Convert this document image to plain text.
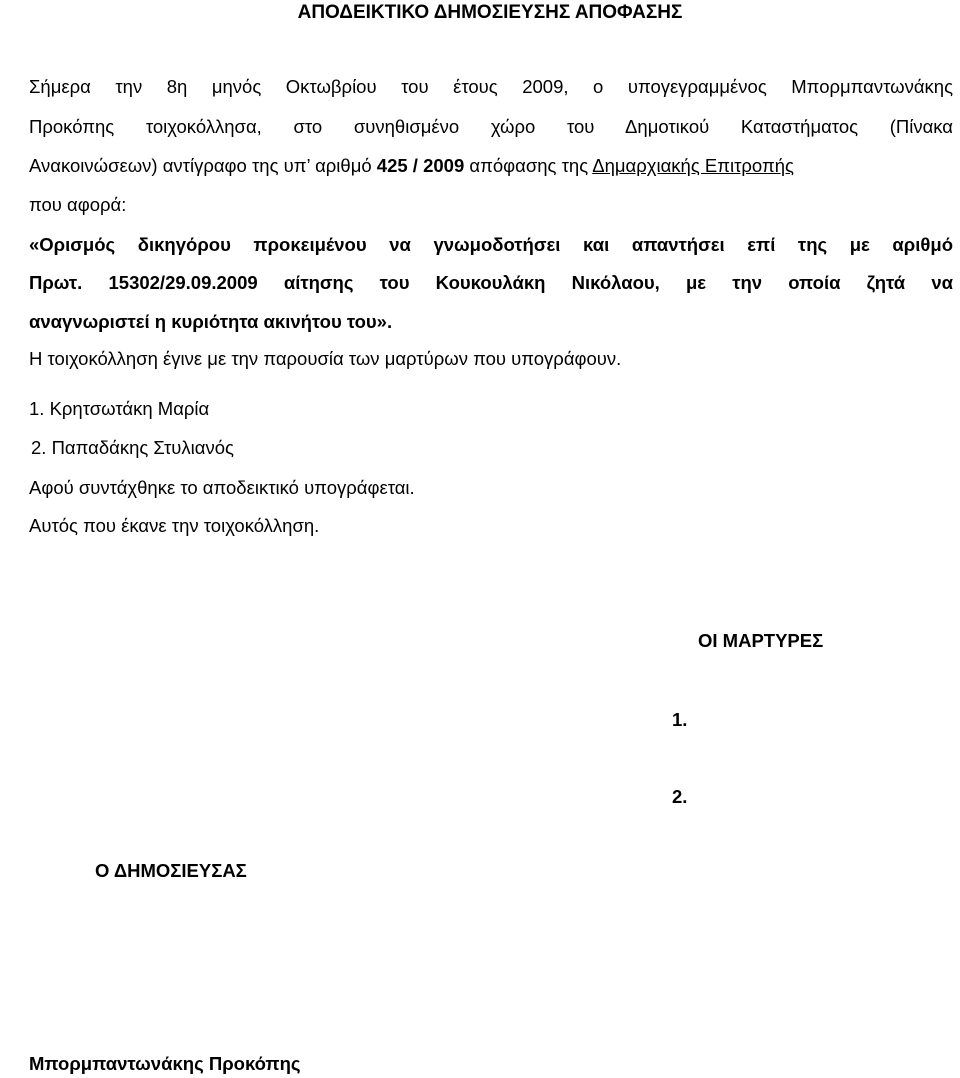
ΑΠΟΔΕΙΚΤΙΚΟ ΔΗΜΟΣΙΕΥΣΗΣ ΑΠΟΦΑΣΗΣ
Σήμερα την 8η μηνός Οκτωβρίου του έτους 2009, ο υπογεγραμμένος Μπορμπαντωνάκης
Προκόπης τοιχοκόλλησα, στο συνηθισμένο χώρο του Δημοτικού Καταστήματος (Πίνακα
Ανακοινώσεων) αντίγραφο της υπ’ αριθμό 425 / 2009 απόφασης της Δημαρχιακής Επιτροπής
που αφορά:
«Ορισμός δικηγόρου προκειμένου να γνωμοδοτήσει και απαντήσει επί της με αριθμό
Πρωτ. 15302/29.09.2009 αίτησης του Κουκουλάκη Νικόλαου, με την οποία ζητά να
αναγνωριστεί η κυριότητα ακινήτου του».
Η τοιχοκόλληση έγινε με την παρουσία των μαρτύρων που υπογράφουν.
1. Κρητσωτάκη Μαρία
2. Παπαδάκης Στυλιανός
Αφού συντάχθηκε το αποδεικτικό υπογράφεται.
Αυτός που έκανε την τοιχοκόλληση.
ΟΙ ΜΑΡΤΥΡΕΣ
1.
2.
Ο ΔΗΜΟΣΙΕΥΣΑΣ
Μπορμπαντωνάκης Προκόπης
